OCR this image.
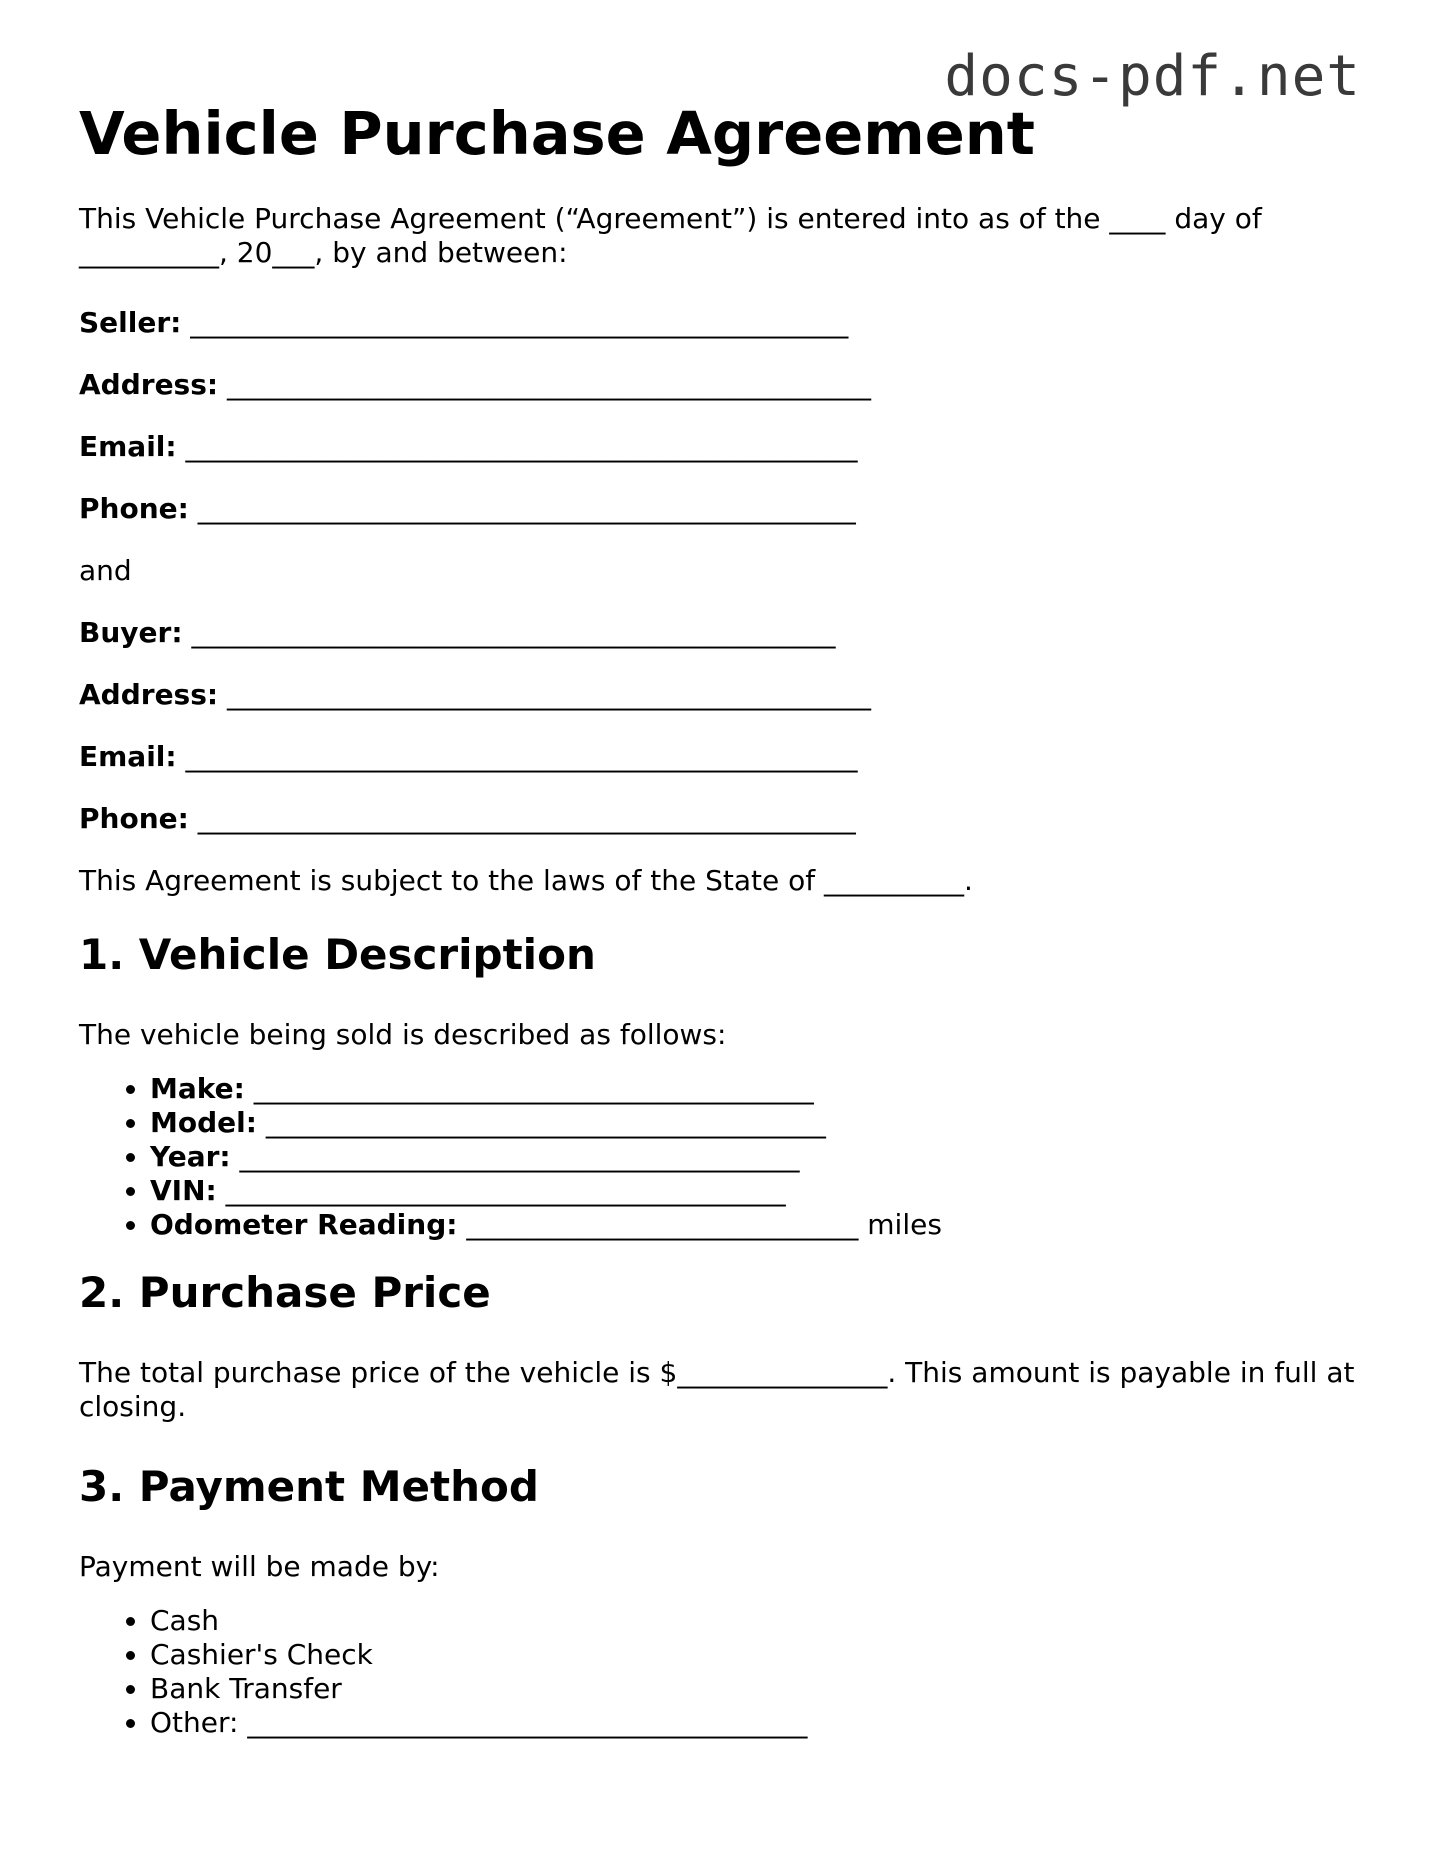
docs-pdf.net
Vehicle Purchase Agreement

This Vehicle Purchase Agreement (“Agreement”) is entered into as of the ____ day of __________, 20___, by and between:

Seller: _______________________________________________

Address: ______________________________________________

Email: ________________________________________________

Phone: _______________________________________________

and

Buyer: ______________________________________________

Address: ______________________________________________

Email: ________________________________________________

Phone: _______________________________________________

This Agreement is subject to the laws of the State of __________.

1. Vehicle Description

The vehicle being sold is described as follows:

• Make: ________________________________________
• Model: ________________________________________
• Year: ________________________________________
• VIN: ________________________________________
• Odometer Reading: ____________________________ miles
2. Purchase Price

The total purchase price of the vehicle is $_______________. This amount is payable in full at closing.

3. Payment Method

Payment will be made by:

• Cash
• Cashier's Check
• Bank Transfer
• Other: ________________________________________
